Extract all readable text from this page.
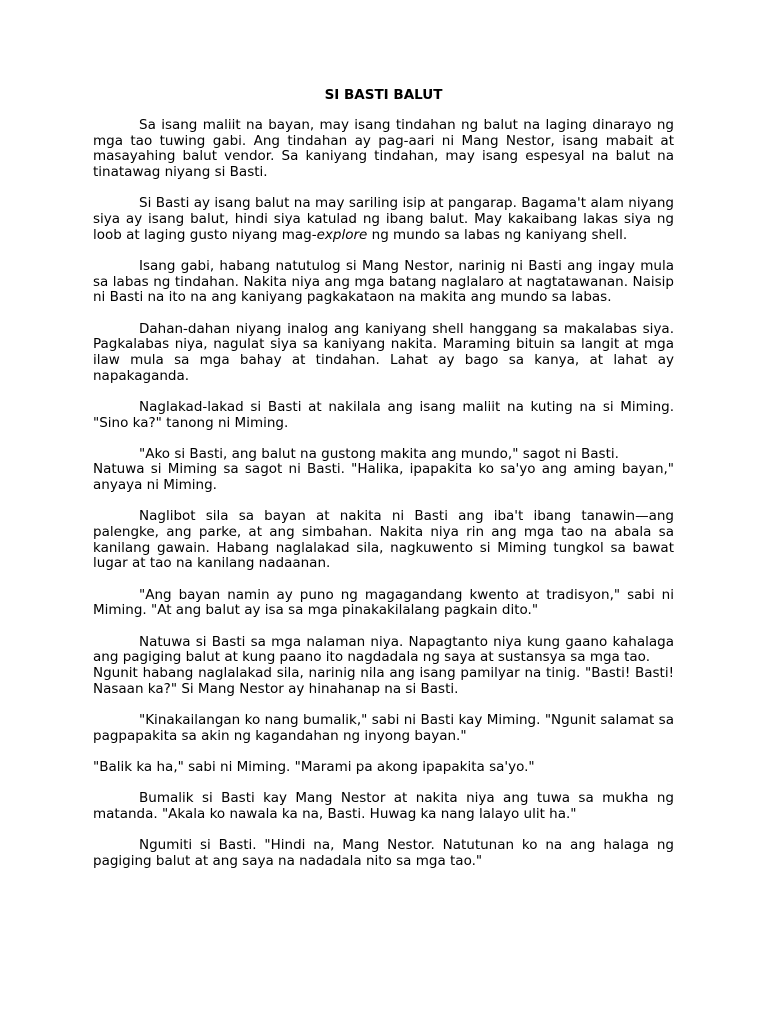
SI BASTI BALUT

Sa isang maliit na bayan, may isang tindahan ng balut na laging dinarayo ng mga tao tuwing gabi. Ang tindahan ay pag-aari ni Mang Nestor, isang mabait at masayahing balut vendor. Sa kaniyang tindahan, may isang espesyal na balut na tinatawag niyang si Basti.

Si Basti ay isang balut na may sariling isip at pangarap. Bagama't alam niyang siya ay isang balut, hindi siya katulad ng ibang balut. May kakaibang lakas siya ng loob at laging gusto niyang mag-explore ng mundo sa labas ng kaniyang shell.

Isang gabi, habang natutulog si Mang Nestor, narinig ni Basti ang ingay mula sa labas ng tindahan. Nakita niya ang mga batang naglalaro at nagtatawanan. Naisip ni Basti na ito na ang kaniyang pagkakataon na makita ang mundo sa labas.

Dahan-dahan niyang inalog ang kaniyang shell hanggang sa makalabas siya. Pagkalabas niya, nagulat siya sa kaniyang nakita. Maraming bituin sa langit at mga ilaw mula sa mga bahay at tindahan. Lahat ay bago sa kanya, at lahat ay napakaganda.

Naglakad-lakad si Basti at nakilala ang isang maliit na kuting na si Miming. "Sino ka?" tanong ni Miming.

"Ako si Basti, ang balut na gustong makita ang mundo," sagot ni Basti.
Natuwa si Miming sa sagot ni Basti. "Halika, ipapakita ko sa'yo ang aming bayan," anyaya ni Miming.

Naglibot sila sa bayan at nakita ni Basti ang iba't ibang tanawin—ang palengke, ang parke, at ang simbahan. Nakita niya rin ang mga tao na abala sa kanilang gawain. Habang naglalakad sila, nagkuwento si Miming tungkol sa bawat lugar at tao na kanilang nadaanan.

"Ang bayan namin ay puno ng magagandang kwento at tradisyon," sabi ni Miming. "At ang balut ay isa sa mga pinakakilalang pagkain dito."

Natuwa si Basti sa mga nalaman niya. Napagtanto niya kung gaano kahalaga ang pagiging balut at kung paano ito nagdadala ng saya at sustansya sa mga tao.

Ngunit habang naglalakad sila, narinig nila ang isang pamilyar na tinig. "Basti! Basti! Nasaan ka?" Si Mang Nestor ay hinahanap na si Basti.

"Kinakailangan ko nang bumalik," sabi ni Basti kay Miming. "Ngunit salamat sa pagpapakita sa akin ng kagandahan ng inyong bayan."

"Balik ka ha," sabi ni Miming. "Marami pa akong ipapakita sa'yo."

Bumalik si Basti kay Mang Nestor at nakita niya ang tuwa sa mukha ng matanda. "Akala ko nawala ka na, Basti. Huwag ka nang lalayo ulit ha."

Ngumiti si Basti. "Hindi na, Mang Nestor. Natutunan ko na ang halaga ng pagiging balut at ang saya na nadadala nito sa mga tao."
